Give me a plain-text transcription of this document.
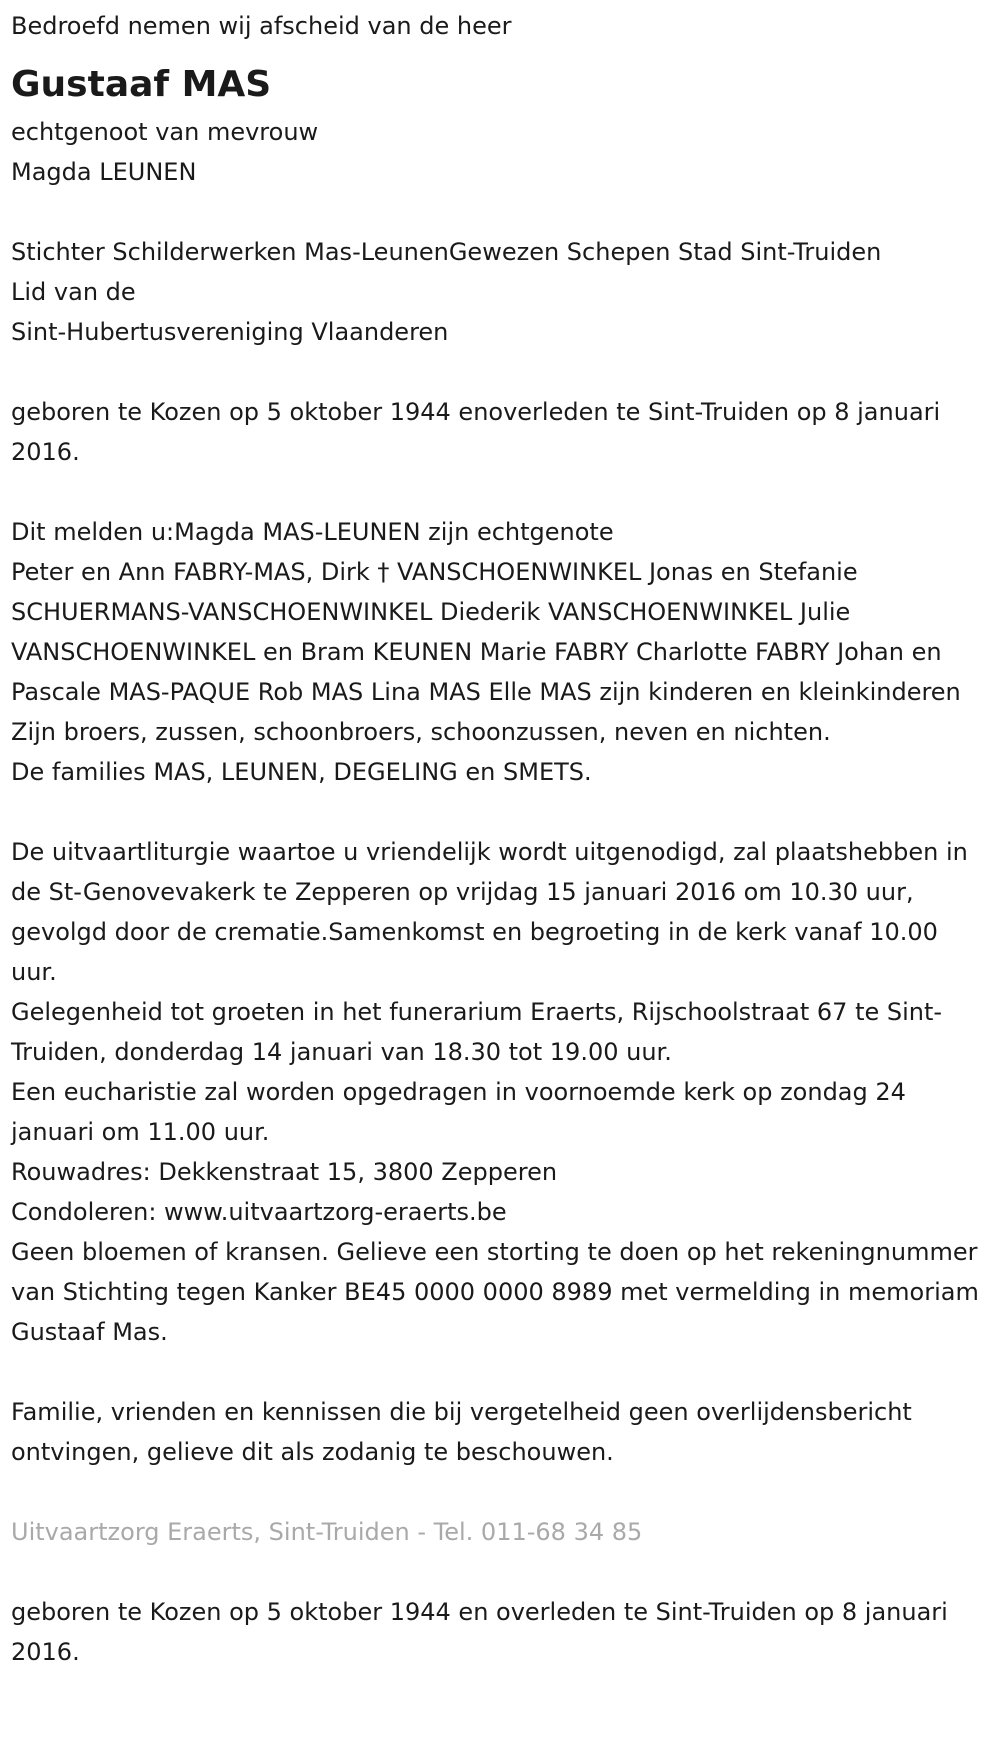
Bedroefd nemen wij afscheid van de heer

Gustaaf MAS

echtgenoot van mevrouw

Magda LEUNEN

Stichter Schilderwerken Mas-LeunenGewezen Schepen Stad Sint-Truiden

Lid van de

Sint-Hubertusvereniging Vlaanderen

geboren te Kozen op 5 oktober 1944 enoverleden te Sint-Truiden op 8 januari 2016.

Dit melden u:Magda MAS-LEUNEN zijn echtgenote

Peter en Ann FABRY-MAS, Dirk † VANSCHOENWINKEL Jonas en Stefanie SCHUERMANS-VANSCHOENWINKEL Diederik VANSCHOENWINKEL Julie VANSCHOENWINKEL en Bram KEUNEN Marie FABRY Charlotte FABRY Johan en Pascale MAS-PAQUE Rob MAS Lina MAS Elle MAS zijn kinderen en kleinkinderen

Zijn broers, zussen, schoonbroers, schoonzussen, neven en nichten.

De families MAS, LEUNEN, DEGELING en SMETS.

De uitvaartliturgie waartoe u vriendelijk wordt uitgenodigd, zal plaatshebben in de St-Genovevakerk te Zepperen op vrijdag 15 januari 2016 om 10.30 uur, gevolgd door de crematie.Samenkomst en begroeting in de kerk vanaf 10.00 uur.

Gelegenheid tot groeten in het funerarium Eraerts, Rijschoolstraat 67 te Sint-Truiden, donderdag 14 januari van 18.30 tot 19.00 uur.

Een eucharistie zal worden opgedragen in voornoemde kerk op zondag 24 januari om 11.00 uur.

Rouwadres: Dekkenstraat 15, 3800 Zepperen

Condoleren: www.uitvaartzorg-eraerts.be

Geen bloemen of kransen. Gelieve een storting te doen op het rekeningnummer van Stichting tegen Kanker BE45 0000 0000 8989 met vermelding in memoriam Gustaaf Mas.

Familie, vrienden en kennissen die bij vergetelheid geen overlijdensbericht ontvingen, gelieve dit als zodanig te beschouwen.

Uitvaartzorg Eraerts, Sint-Truiden - Tel. 011-68 34 85

geboren te Kozen op 5 oktober 1944 en overleden te Sint-Truiden op 8 januari 2016.
